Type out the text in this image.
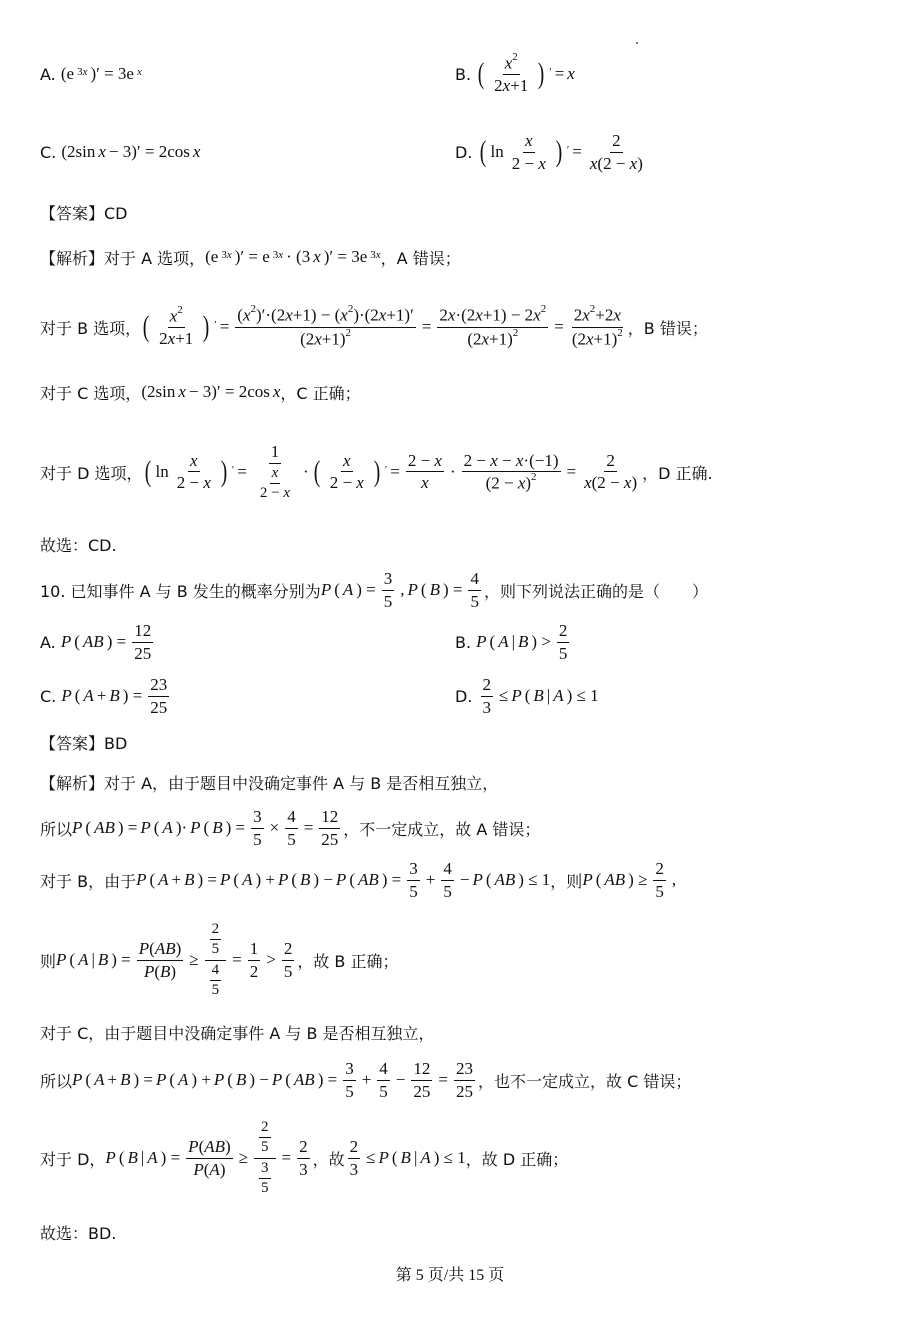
A.
(e $^{3x}$ )′ = 3e $^x$	B.
( $\frac{x^2}{2x+1}$ ) ′ = x
C.
(2sin x − 3)′ = 2cos x	D.
( $\ln \frac{x}{2 - x}$ ) $' = \frac{2}{x(2 - x)}$
【答案】CD
【解析】对于 A 选项， (e $^{3x}$ )′ = e $^{3x}$ · (3 x )′ = 3e $^{3x}$ ，A 错误；
对于 B 选项， ( $\frac{x^2}{2x+1}$ ) $' = \frac{(x^2)'\cdot(2x+1) - (x^2)\cdot(2x+1)'}{(2x+1)^2} = \frac{2x\cdot(2x+1) - 2x^2}{(2x+1)^2} = \frac{2x^2+2x}{(2x+1)^2}$ ，B 错误；
对于 C 选项， (2sin x − 3)′ = 2cos x ，C 正确；
对于 D 选项， ( $\ln \frac{x}{2 - x}$ ) $' = \frac{1}{\frac{x}{2 - x}}$ · ( $\frac{x}{2 - x}$ ) $' = \frac{2 - x}{x} \cdot \frac{2 - x - x\cdot(-1)}{(2 - x)^2} = \frac{2}{x(2 - x)}$ ，D 正确.
故选：CD.
10. 已知事件 A 与 B 发生的概率分别为 P ( A ) = $\frac{3}{5}$ , P ( B ) = $\frac{4}{5}$ ，则下列说法正确的是（　　）
A.
P ( AB ) = $\frac{12}{25}$	B.
P ( A | B ) > $\frac{2}{5}$
C.
P ( A + B ) = $\frac{23}{25}$	D.
$\frac{2}{3} \le P$ ( B | A ) ≤ 1
【答案】BD
【解析】对于 A，由于题目中没确定事件 A 与 B 是否相互独立，
所以 P ( AB ) = P ( A )· P ( B ) = $\frac{3}{5} \times \frac{4}{5} = \frac{12}{25}$ ，不一定成立，故 A 错误；
对于 B，由于 P ( A + B ) = P ( A ) + P ( B ) − P ( AB ) = $\frac{3}{5} + \frac{4}{5} - P$ ( AB ) ≤ 1 ，则 P ( AB ) ≥ $\frac{2}{5}$ ,
则 P ( A | B ) = $\frac{P(AB)}{P(B)} \ge \frac{\frac{2}{5}}{\frac{4}{5}} = \frac{1}{2} > \frac{2}{5}$ ，故 B 正确；
对于 C，由于题目中没确定事件 A 与 B 是否相互独立，
所以 P ( A + B ) = P ( A ) + P ( B ) − P ( AB ) = $\frac{3}{5} + \frac{4}{5} - \frac{12}{25} = \frac{23}{25}$ ，也不一定成立，故 C 错误；
对于 D， P ( B | A ) = $\frac{P(AB)}{P(A)} \ge \frac{\frac{2}{5}}{\frac{3}{5}} = \frac{2}{3}$ ，故 $\frac{2}{3} \le P$ ( B | A ) ≤ 1 ，故 D 正确；
故选：BD.
第 5 页/共 15 页
